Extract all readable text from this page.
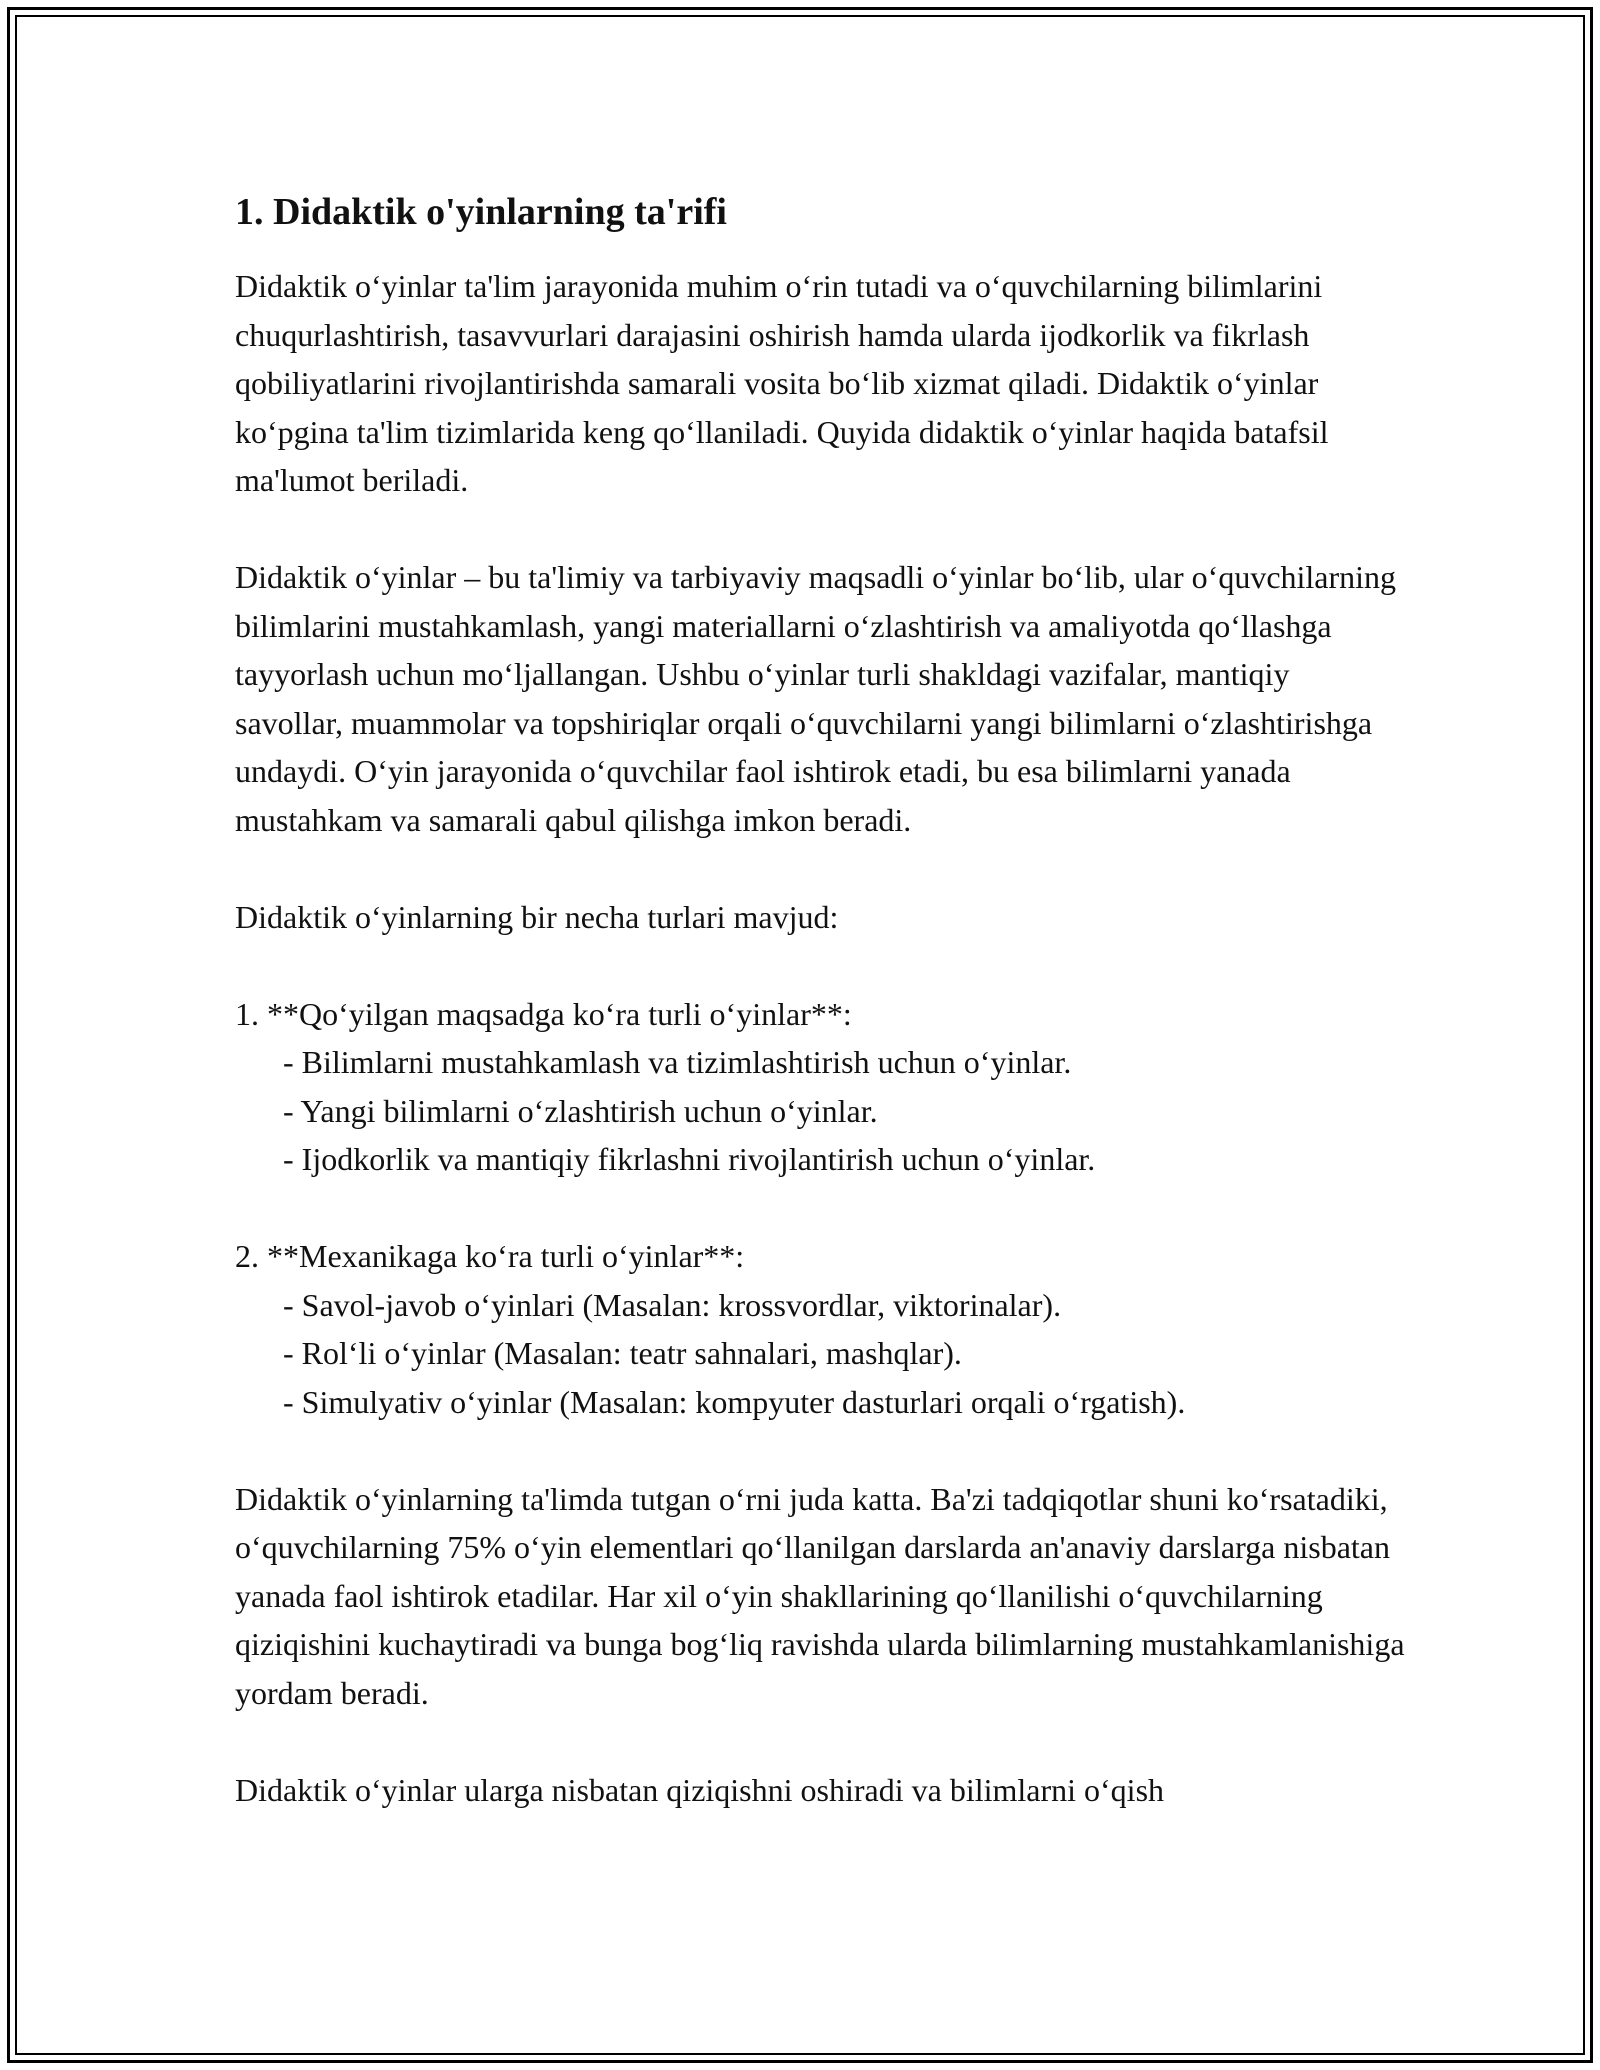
1. Didaktik o'yinlarning ta'rifi

Didaktik o‘yinlar ta'lim jarayonida muhim o‘rin tutadi va o‘quvchilarning bilimlarini chuqurlashtirish, tasavvurlari darajasini oshirish hamda ularda ijodkorlik va fikrlash qobiliyatlarini rivojlantirishda samarali vosita bo‘lib xizmat qiladi. Didaktik o‘yinlar ko‘pgina ta'lim tizimlarida keng qo‘llaniladi. Quyida didaktik o‘yinlar haqida batafsil ma'lumot beriladi.

Didaktik o‘yinlar – bu ta'limiy va tarbiyaviy maqsadli o‘yinlar bo‘lib, ular o‘quvchilarning bilimlarini mustahkamlash, yangi materiallarni o‘zlashtirish va amaliyotda qo‘llashga tayyorlash uchun mo‘ljallangan. Ushbu o‘yinlar turli shakldagi vazifalar, mantiqiy savollar, muammolar va topshiriqlar orqali o‘quvchilarni yangi bilimlarni o‘zlashtirishga undaydi. O‘yin jarayonida o‘quvchilar faol ishtirok etadi, bu esa bilimlarni yanada mustahkam va samarali qabul qilishga imkon beradi.

Didaktik o‘yinlarning bir necha turlari mavjud:

1. **Qo‘yilgan maqsadga ko‘ra turli o‘yinlar**:
- Bilimlarni mustahkamlash va tizimlashtirish uchun o‘yinlar.
- Yangi bilimlarni o‘zlashtirish uchun o‘yinlar.
- Ijodkorlik va mantiqiy fikrlashni rivojlantirish uchun o‘yinlar.
2. **Mexanikaga ko‘ra turli o‘yinlar**:
- Savol-javob o‘yinlari (Masalan: krossvordlar, viktorinalar).
- Rol‘li o‘yinlar (Masalan: teatr sahnalari, mashqlar).
- Simulyativ o‘yinlar (Masalan: kompyuter dasturlari orqali o‘rgatish).

Didaktik o‘yinlarning ta'limda tutgan o‘rni juda katta. Ba'zi tadqiqotlar shuni ko‘rsatadiki, o‘quvchilarning 75% o‘yin elementlari qo‘llanilgan darslarda an'anaviy darslarga nisbatan yanada faol ishtirok etadilar. Har xil o‘yin shakllarining qo‘llanilishi o‘quvchilarning qiziqishini kuchaytiradi va bunga bog‘liq ravishda ularda bilimlarning mustahkamlanishiga yordam beradi.

Didaktik o‘yinlar ularga nisbatan qiziqishni oshiradi va bilimlarni o‘qish
